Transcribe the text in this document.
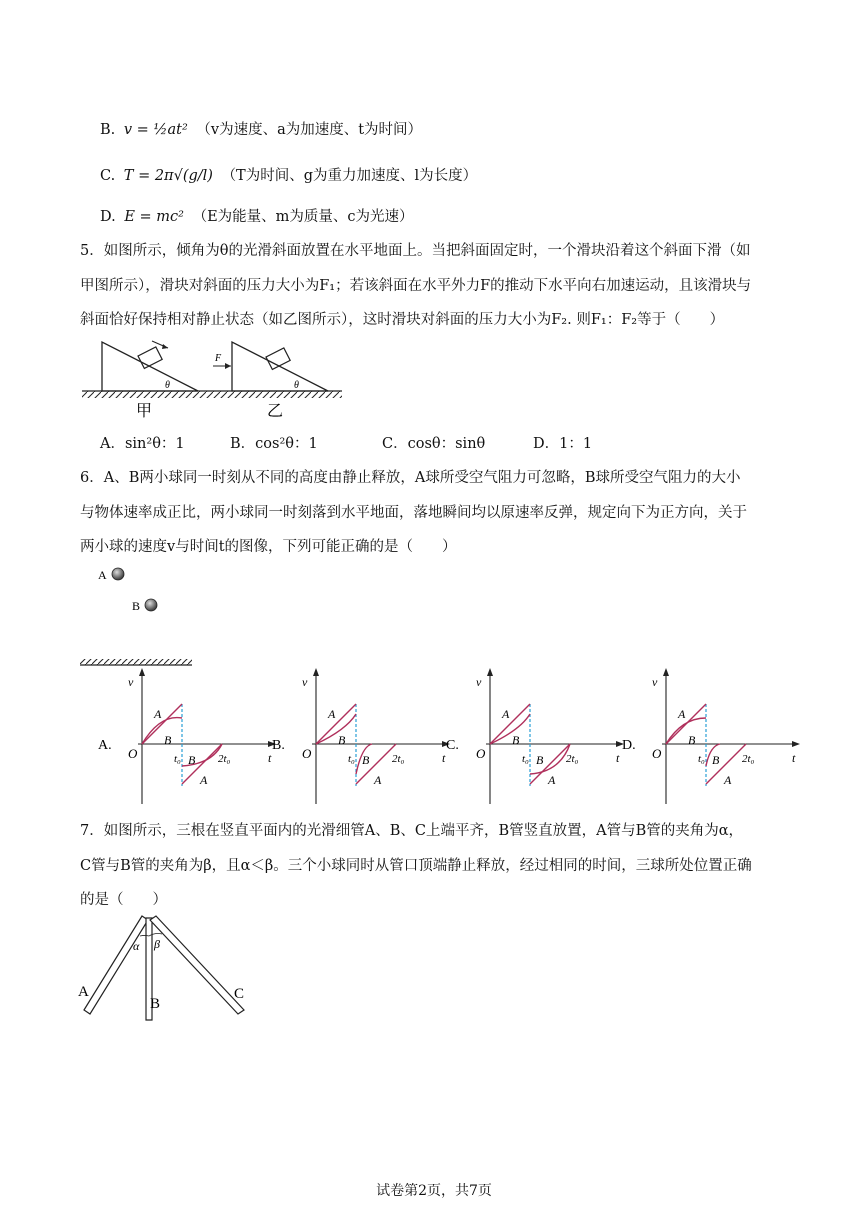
B. v = ½at² （v为速度、a为加速度、t为时间）
C. T = 2π√(g/l) （T为时间、g为重力加速度、l为长度）
D. E = mc² （E为能量、m为质量、c为光速）
5．如图所示，倾角为θ的光滑斜面放置在水平地面上。当把斜面固定时，一个滑块沿着这个斜面下滑（如
甲图所示），滑块对斜面的压力大小为F₁；若该斜面在水平外力F的推动下水平向右加速运动，且该滑块与
斜面恰好保持相对静止状态（如乙图所示），这时滑块对斜面的压力大小为F₂. 则F₁：F₂等于（　　）
θ
F
θ
甲	乙
A．sin²θ：1	B．cos²θ：1	C．cosθ：sinθ	D．1：1
6．A、B两小球同一时刻从不同的高度由静止释放，A球所受空气阻力可忽略，B球所受空气阻力的大小
与物体速率成正比，两小球同一时刻落到水平地面，落地瞬间均以原速率反弹，规定向下为正方向，关于
两小球的速度v与时间t的图像，下列可能正确的是（　　）
A
B
v
t
O
A.
t₀	2t₀
A
B
B
A
v
t
O
B.
t₀	2t₀
A
B
B
A
v
t
O
C.
t₀	2t₀
A
B
B
A
v
t
O
D.
t₀	2t₀
A
B
B
A
7．如图所示，三根在竖直平面内的光滑细管A、B、C上端平齐，B管竖直放置，A管与B管的夹角为α，
C管与B管的夹角为β，且α＜β。三个小球同时从管口顶端静止释放，经过相同的时间，三球所处位置正确
的是（　　）
α β
A
B
C
试卷第2页，共7页
